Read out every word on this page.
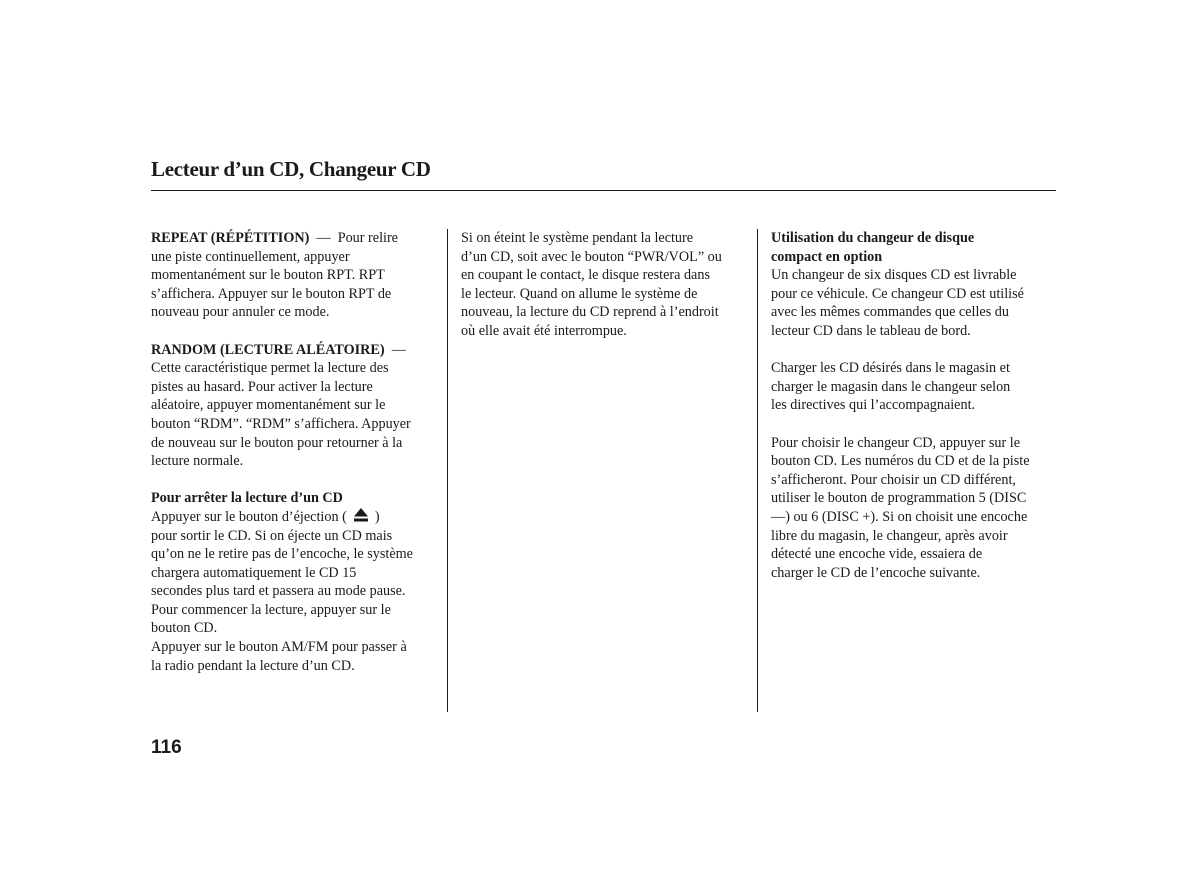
Lecteur d’un CD, Changeur CD
REPEAT (RÉPÉTITION) — Pour relire
une piste continuellement, appuyer
momentanément sur le bouton RPT. RPT
s’affichera. Appuyer sur le bouton RPT de
nouveau pour annuler ce mode.
RANDOM (LECTURE ALÉATOIRE) —
Cette caractéristique permet la lecture des
pistes au hasard. Pour activer la lecture
aléatoire, appuyer momentanément sur le
bouton “RDM”. “RDM” s’affichera. Appuyer
de nouveau sur le bouton pour retourner à la
lecture normale.
Pour arrêter la lecture d’un CD
Appuyer sur le bouton d’éjection ( )
pour sortir le CD. Si on éjecte un CD mais
qu’on ne le retire pas de l’encoche, le système
chargera automatiquement le CD 15
secondes plus tard et passera au mode pause.
Pour commencer la lecture, appuyer sur le
bouton CD.
Appuyer sur le bouton AM/FM pour passer à
la radio pendant la lecture d’un CD.
Si on éteint le système pendant la lecture
d’un CD, soit avec le bouton “PWR/VOL” ou
en coupant le contact, le disque restera dans
le lecteur. Quand on allume le système de
nouveau, la lecture du CD reprend à l’endroit
où elle avait été interrompue.
Utilisation du changeur de disque
compact en option
Un changeur de six disques CD est livrable
pour ce véhicule. Ce changeur CD est utilisé
avec les mêmes commandes que celles du
lecteur CD dans le tableau de bord.
Charger les CD désirés dans le magasin et
charger le magasin dans le changeur selon
les directives qui l’accompagnaient.
Pour choisir le changeur CD, appuyer sur le
bouton CD. Les numéros du CD et de la piste
s’afficheront. Pour choisir un CD différent,
utiliser le bouton de programmation 5 (DISC
—) ou 6 (DISC +). Si on choisit une encoche
libre du magasin, le changeur, après avoir
détecté une encoche vide, essaiera de
charger le CD de l’encoche suivante.
116
